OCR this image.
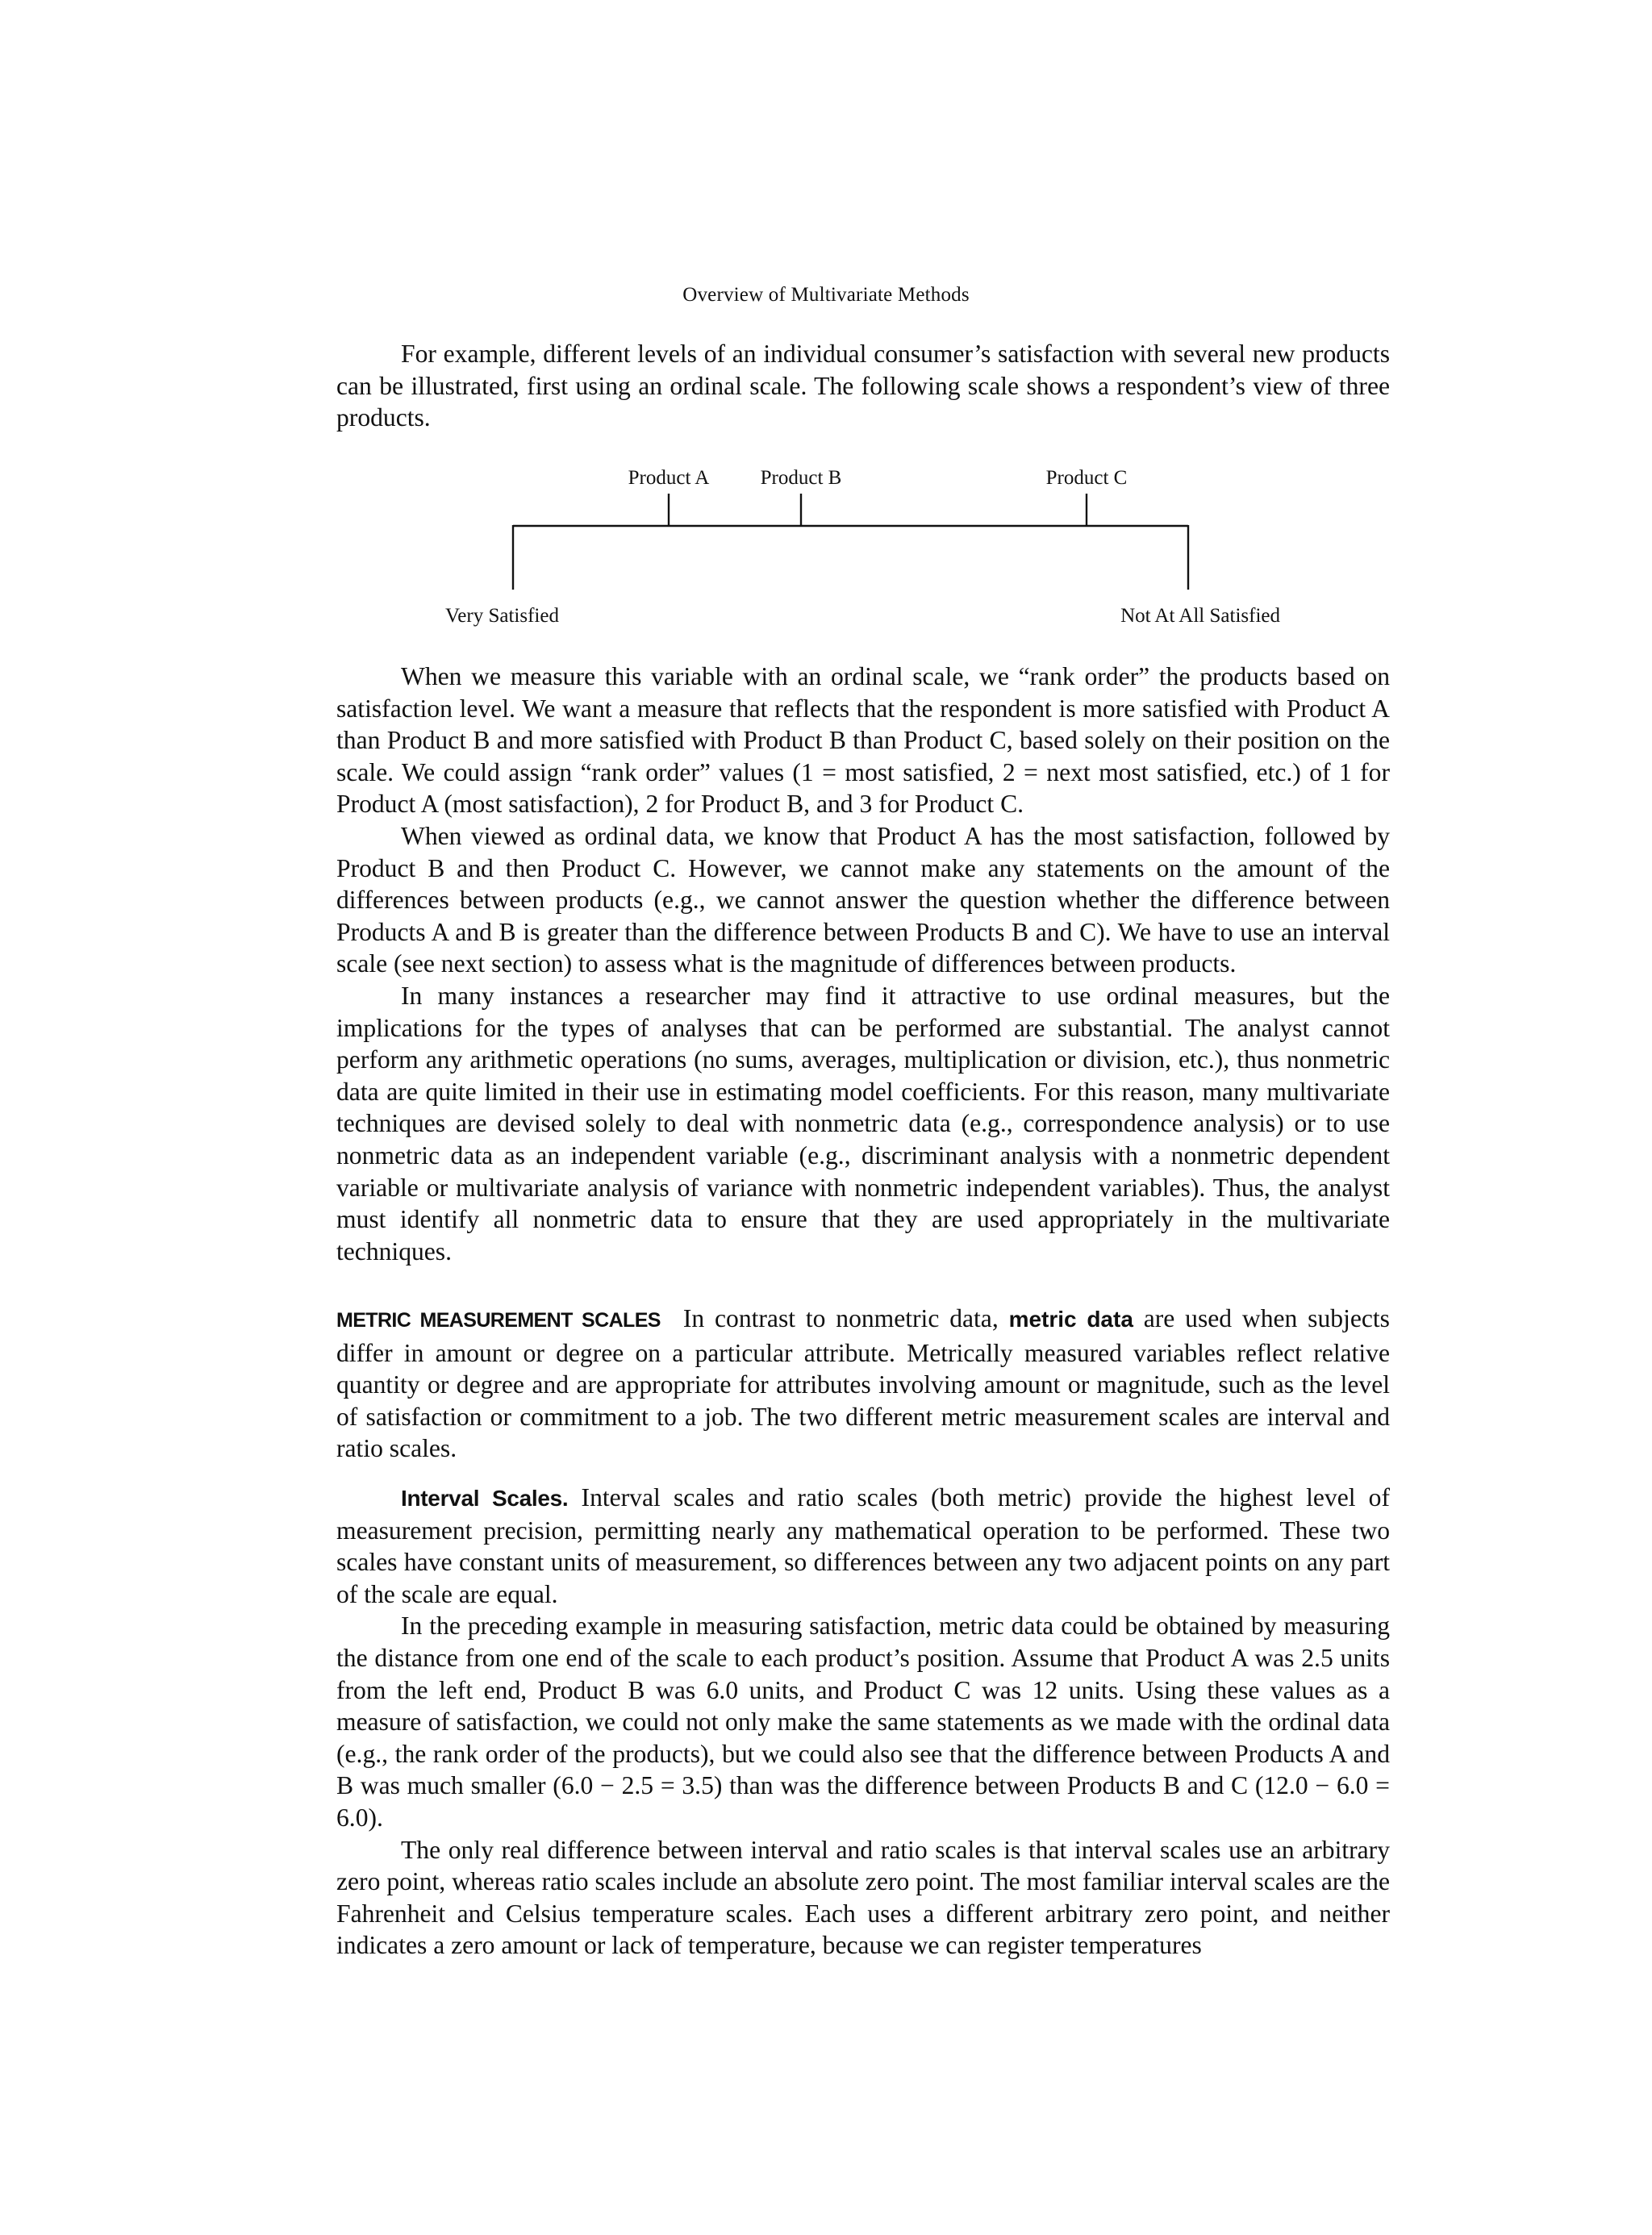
Overview of Multivariate Methods

For example, different levels of an individual consumer’s satisfaction with several new products can be illustrated, first using an ordinal scale. The following scale shows a respondent’s view of three products.

Product A	Product B	Product C
Very Satisfied	Not At All Satisfied

When we measure this variable with an ordinal scale, we “rank order” the products based on satisfaction level. We want a measure that reflects that the respondent is more satisfied with Product A than Product B and more satisfied with Product B than Product C, based solely on their position on the scale. We could assign “rank order” values (1 = most satisfied, 2 = next most satisfied, etc.) of 1 for Product A (most satisfaction), 2 for Product B, and 3 for Product C.

When viewed as ordinal data, we know that Product A has the most satisfaction, followed by Product B and then Product C. However, we cannot make any statements on the amount of the differences between products (e.g., we cannot answer the question whether the difference between Products A and B is greater than the difference between Products B and C). We have to use an interval scale (see next section) to assess what is the magnitude of differences between products.

In many instances a researcher may find it attractive to use ordinal measures, but the implications for the types of analyses that can be performed are substantial. The analyst cannot perform any arithmetic operations (no sums, averages, multiplication or division, etc.), thus nonmetric data are quite limited in their use in estimating model coefficients. For this reason, many multivariate techniques are devised solely to deal with nonmetric data (e.g., correspondence analysis) or to use nonmetric data as an independent variable (e.g., discriminant analysis with a nonmetric dependent variable or multivariate analysis of variance with nonmetric independent variables). Thus, the analyst must identify all nonmetric data to ensure that they are used appropriately in the multivariate techniques.

METRIC MEASUREMENT SCALES In contrast to nonmetric data, metric data are used when subjects differ in amount or degree on a particular attribute. Metrically measured variables reflect relative quantity or degree and are appropriate for attributes involving amount or magnitude, such as the level of satisfaction or commitment to a job. The two different metric measurement scales are interval and ratio scales.

Interval Scales. Interval scales and ratio scales (both metric) provide the highest level of measurement precision, permitting nearly any mathematical operation to be performed. These two scales have constant units of measurement, so differences between any two adjacent points on any part of the scale are equal.

In the preceding example in measuring satisfaction, metric data could be obtained by measuring the distance from one end of the scale to each product’s position. Assume that Product A was 2.5 units from the left end, Product B was 6.0 units, and Product C was 12 units. Using these values as a measure of satisfaction, we could not only make the same statements as we made with the ordinal data (e.g., the rank order of the products), but we could also see that the difference between Products A and B was much smaller (6.0 − 2.5 = 3.5) than was the difference between Products B and C (12.0 − 6.0 = 6.0).

The only real difference between interval and ratio scales is that interval scales use an arbitrary zero point, whereas ratio scales include an absolute zero point. The most familiar interval scales are the Fahrenheit and Celsius temperature scales. Each uses a different arbitrary zero point, and neither indicates a zero amount or lack of temperature, because we can register temperatures
